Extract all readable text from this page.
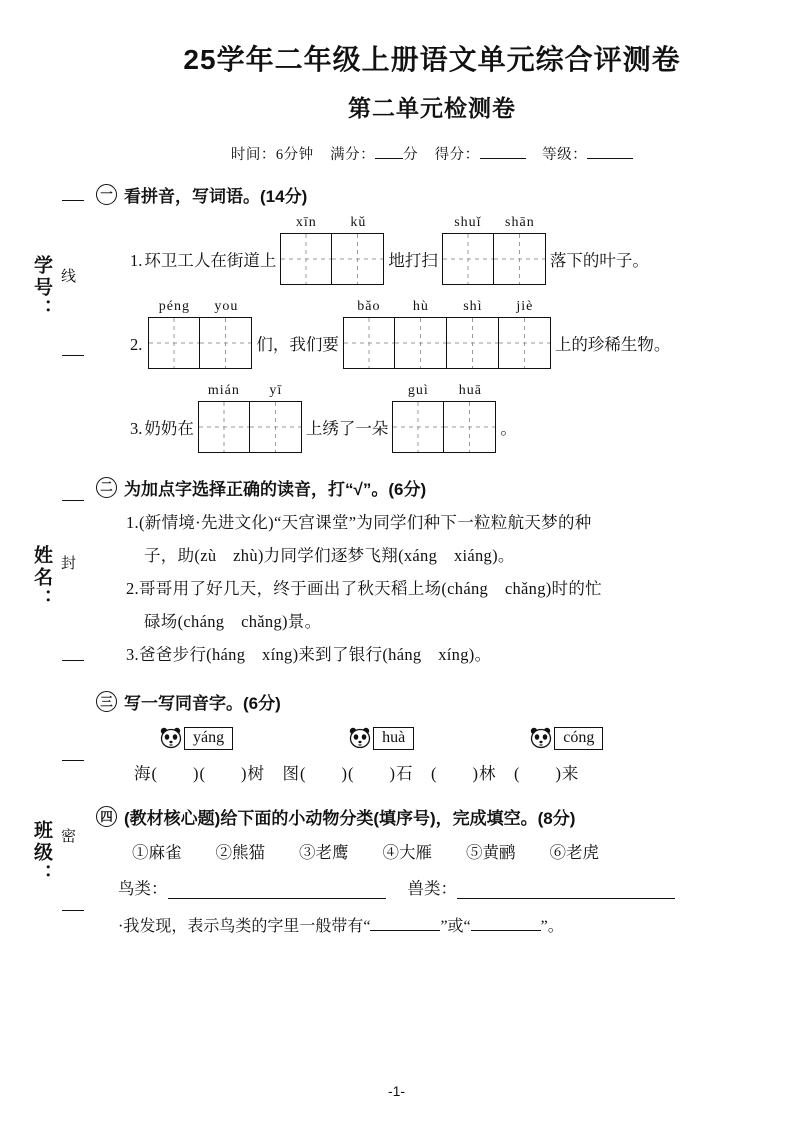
学号： 线
姓名： 封
班级： 密
25学年二年级上册语文单元综合评测卷
第二单元检测卷
时间：6分钟 满分： 分 得分：	等级：
一 看拼音，写词语。(14分)
1. 环卫工人在街道上
xīn	kǔ
地打扫
shuǐ	shān
落下的叶子。
2.
péng	you
们，我们要
bǎo	hù	shì	jiè
上的珍稀生物。
3. 奶奶在
mián	yī
上绣了一朵
guì	huā
。
二 为加点字选择正确的读音，打“√”。(6分)
1.(新情境·先进文化)“天宫课堂”为同学们种下一粒粒航天梦的种
子，助(zù　zhù)力同学们逐梦飞翔(xáng　xiáng)。
2.哥哥用了好几天，终于画出了秋天稻上场(cháng　chǎng)时的忙
碌场(cháng　chǎng)景。
3.爸爸步行(háng　xíng)来到了银行(háng　xíng)。
三 写一写同音字。(6分)
yáng	huà	cóng
海(　　)(　　)树　图(　　)(　　)石　(　　)林　(　　)来
四 (教材核心题)给下面的小动物分类(填序号)，完成填空。(8分)
①麻雀 ②熊猫 ③老鹰 ④大雁 ⑤黄鹂 ⑥老虎
鸟类：	兽类：
·我发现，表示鸟类的字里一般带有“	”或“	”。
-1-
